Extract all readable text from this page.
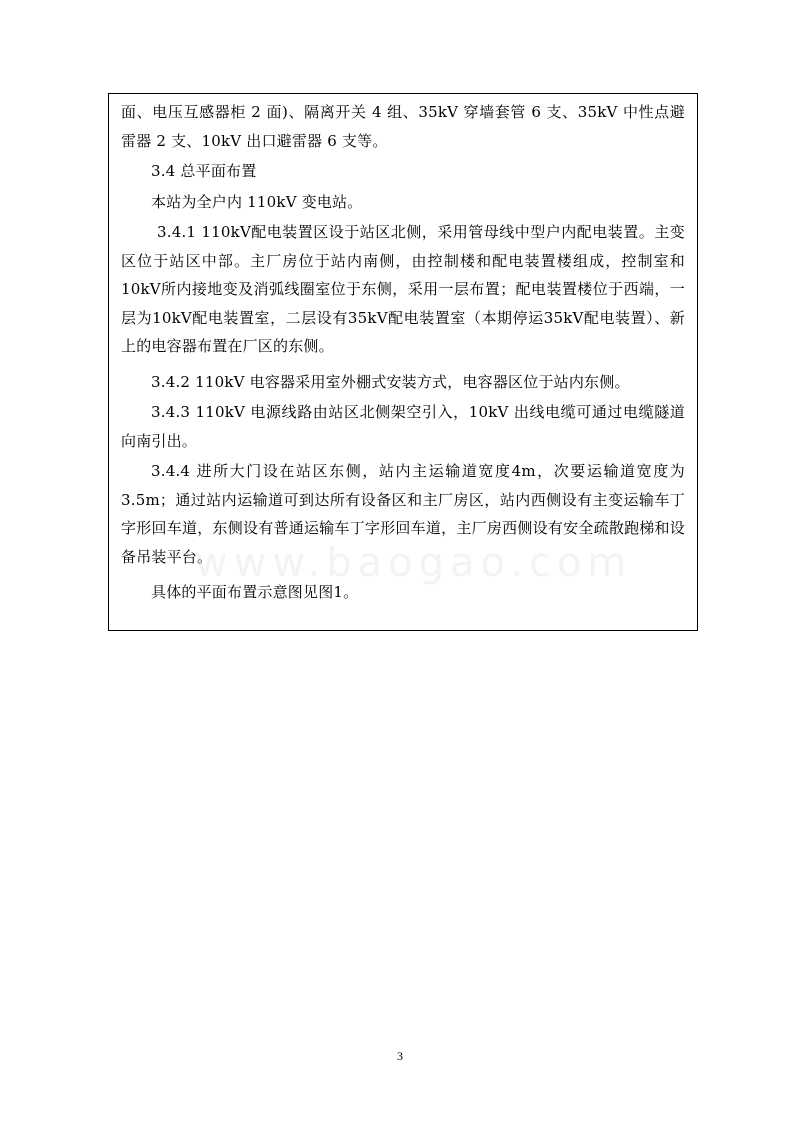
面、电压互感器柜 2 面)、隔离开关 4 组、35kV 穿墙套管 6 支、35kV 中性点避雷器 2 支、10kV 出口避雷器 6 支等。

3.4 总平面布置

本站为全户内 110kV 变电站。

3.4.1 110kV配电装置区设于站区北侧，采用管母线中型户内配电装置。主变区位于站区中部。主厂房位于站内南侧，由控制楼和配电装置楼组成，控制室和10kV所内接地变及消弧线圈室位于东侧，采用一层布置；配电装置楼位于西端，一层为10kV配电装置室，二层设有35kV配电装置室（本期停运35kV配电装置）、新上的电容器布置在厂区的东侧。

3.4.2 110kV 电容器采用室外棚式安装方式，电容器区位于站内东侧。

3.4.3 110kV 电源线路由站区北侧架空引入，10kV 出线电缆可通过电缆隧道向南引出。

3.4.4 进所大门设在站区东侧，站内主运输道宽度4m，次要运输道宽度为3.5m；通过站内运输道可到达所有设备区和主厂房区，站内西侧设有主变运输车丁字形回车道，东侧设有普通运输车丁字形回车道，主厂房西侧设有安全疏散跑梯和设备吊装平台。

具体的平面布置示意图见图1。

www.baogao.com
3
